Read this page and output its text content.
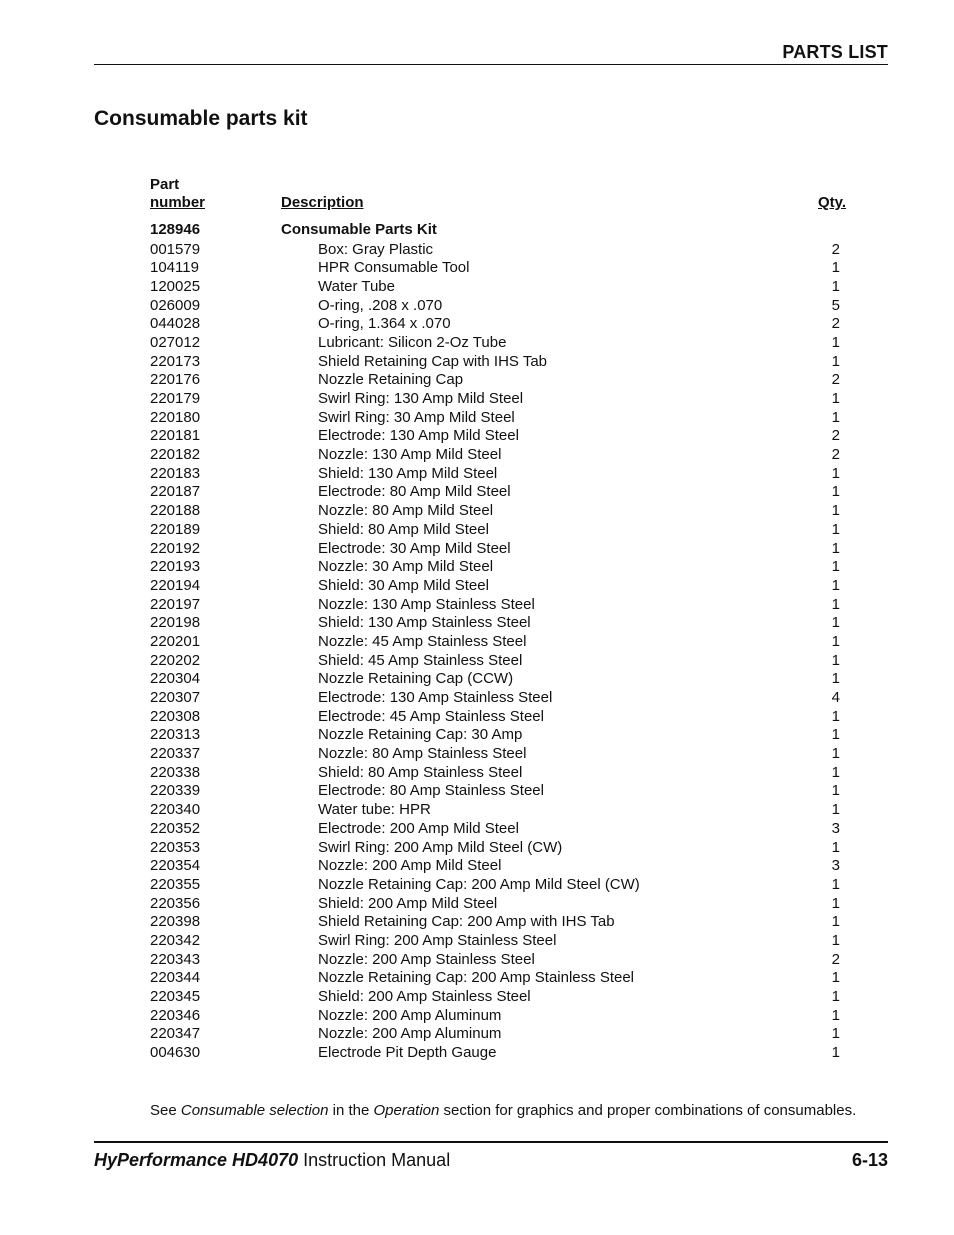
PARTS LIST
Consumable parts kit
Part
number	Description	Qty.
128946	Consumable Parts Kit
001579	Box: Gray Plastic	2
104119	HPR Consumable Tool	1
120025	Water Tube	1
026009	O-ring, .208 x .070	5
044028	O-ring, 1.364 x .070	2
027012	Lubricant: Silicon 2-Oz Tube	1
220173	Shield Retaining Cap with IHS Tab	1
220176	Nozzle Retaining Cap	2
220179	Swirl Ring: 130 Amp Mild Steel	1
220180	Swirl Ring: 30 Amp Mild Steel	1
220181	Electrode: 130 Amp Mild Steel	2
220182	Nozzle: 130 Amp Mild Steel	2
220183	Shield: 130 Amp Mild Steel	1
220187	Electrode: 80 Amp Mild Steel	1
220188	Nozzle: 80 Amp Mild Steel	1
220189	Shield: 80 Amp Mild Steel	1
220192	Electrode: 30 Amp Mild Steel	1
220193	Nozzle: 30 Amp Mild Steel	1
220194	Shield: 30 Amp Mild Steel	1
220197	Nozzle: 130 Amp Stainless Steel	1
220198	Shield: 130 Amp Stainless Steel	1
220201	Nozzle: 45 Amp Stainless Steel	1
220202	Shield: 45 Amp Stainless Steel	1
220304	Nozzle Retaining Cap (CCW)	1
220307	Electrode: 130 Amp Stainless Steel	4
220308	Electrode: 45 Amp Stainless Steel	1
220313	Nozzle Retaining Cap: 30 Amp	1
220337	Nozzle: 80 Amp Stainless Steel	1
220338	Shield: 80 Amp Stainless Steel	1
220339	Electrode: 80 Amp Stainless Steel	1
220340	Water tube: HPR	1
220352	Electrode: 200 Amp Mild Steel	3
220353	Swirl Ring: 200 Amp Mild Steel (CW)	1
220354	Nozzle: 200 Amp Mild Steel	3
220355	Nozzle Retaining Cap: 200 Amp Mild Steel (CW)	1
220356	Shield: 200 Amp Mild Steel	1
220398	Shield Retaining Cap: 200 Amp with IHS Tab	1
220342	Swirl Ring: 200 Amp Stainless Steel	1
220343	Nozzle: 200 Amp Stainless Steel	2
220344	Nozzle Retaining Cap: 200 Amp Stainless Steel	1
220345	Shield: 200 Amp Stainless Steel	1
220346	Nozzle: 200 Amp Aluminum	1
220347	Nozzle: 200 Amp Aluminum	1
004630	Electrode Pit Depth Gauge	1
See Consumable selection in the Operation section for graphics and proper combinations of consumables.
HyPerformance HD4070 Instruction Manual	6-13
